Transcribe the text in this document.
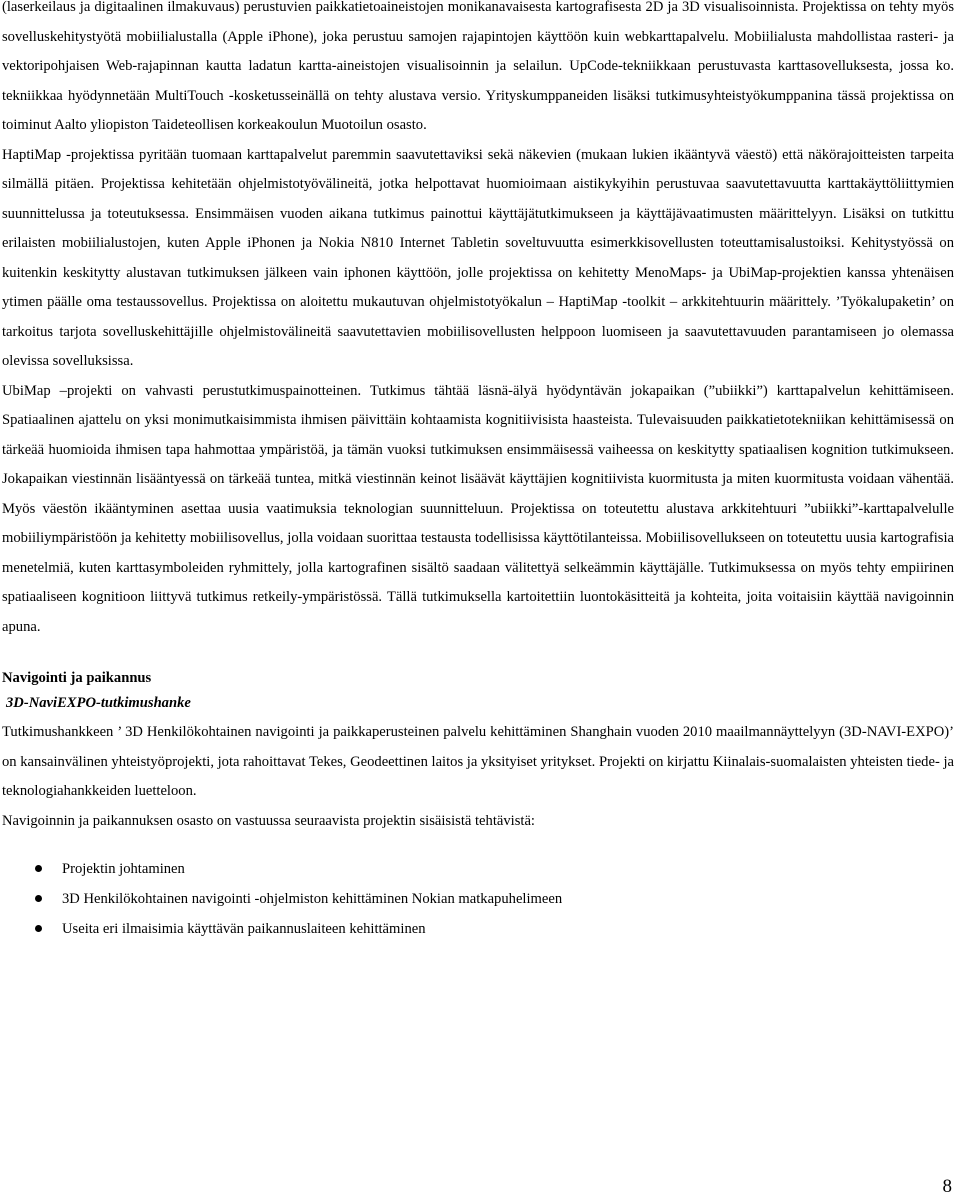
(laserkeilaus ja digitaalinen ilmakuvaus) perustuvien paikkatietoaineistojen monikanavaisesta kartografisesta 2D ja 3D visualisoinnista. Projektissa on tehty myös sovelluskehitystyötä mobiilialustalla (Apple iPhone), joka perustuu samojen rajapintojen käyttöön kuin webkarttapalvelu. Mobiilialusta mahdollistaa rasteri- ja vektoripohjaisen Web-rajapinnan kautta ladatun kartta-aineistojen visualisoinnin ja selailun. UpCode-tekniikkaan perustuvasta karttasovelluksesta, jossa ko. tekniikkaa hyödynnetään MultiTouch -kosketusseinällä on tehty alustava versio. Yrityskumppaneiden lisäksi tutkimusyhteistyökumppanina tässä projektissa on toiminut Aalto yliopiston Taideteollisen korkeakoulun Muotoilun osasto.

HaptiMap -projektissa pyritään tuomaan karttapalvelut paremmin saavutettaviksi sekä näkevien (mukaan lukien ikääntyvä väestö) että näkörajoitteisten tarpeita silmällä pitäen. Projektissa kehitetään ohjelmistotyövälineitä, jotka helpottavat huomioimaan aistikykyihin perustuvaa saavutettavuutta karttakäyttöliittymien suunnittelussa ja toteutuksessa. Ensimmäisen vuoden aikana tutkimus painottui käyttäjätutkimukseen ja käyttäjävaatimusten määrittelyyn. Lisäksi on tutkittu erilaisten mobiilialustojen, kuten Apple iPhonen ja Nokia N810 Internet Tabletin soveltuvuutta esimerkkisovellusten toteuttamisalustoiksi. Kehitystyössä on kuitenkin keskitytty alustavan tutkimuksen jälkeen vain iphonen käyttöön, jolle projektissa on kehitetty MenoMaps- ja UbiMap-projektien kanssa yhtenäisen ytimen päälle oma testaussovellus. Projektissa on aloitettu mukautuvan ohjelmistotyökalun – HaptiMap -toolkit – arkkitehtuurin määrittely. ’Työkalupaketin’ on tarkoitus tarjota sovelluskehittäjille ohjelmistovälineitä saavutettavien mobiilisovellusten helppoon luomiseen ja saavutettavuuden parantamiseen jo olemassa olevissa sovelluksissa.

UbiMap –projekti on vahvasti perustutkimuspainotteinen. Tutkimus tähtää läsnä-älyä hyödyntävän jokapaikan (”ubiikki”) karttapalvelun kehittämiseen. Spatiaalinen ajattelu on yksi monimutkaisimmista ihmisen päivittäin kohtaamista kognitiivisista haasteista. Tulevaisuuden paikkatietotekniikan kehittämisessä on tärkeää huomioida ihmisen tapa hahmottaa ympäristöä, ja tämän vuoksi tutkimuksen ensimmäisessä vaiheessa on keskitytty spatiaalisen kognition tutkimukseen. Jokapaikan viestinnän lisääntyessä on tärkeää tuntea, mitkä viestinnän keinot lisäävät käyttäjien kognitiivista kuormitusta ja miten kuormitusta voidaan vähentää. Myös väestön ikääntyminen asettaa uusia vaatimuksia teknologian suunnitteluun. Projektissa on toteutettu alustava arkkitehtuuri ”ubiikki”-karttapalvelulle mobiiliympäristöön ja kehitetty mobiilisovellus, jolla voidaan suorittaa testausta todellisissa käyttötilanteissa. Mobiilisovellukseen on toteutettu uusia kartografisia menetelmiä, kuten karttasymboleiden ryhmittely, jolla kartografinen sisältö saadaan välitettyä selkeämmin käyttäjälle. Tutkimuksessa on myös tehty empiirinen spatiaaliseen kognitioon liittyvä tutkimus retkeily-ympäristössä. Tällä tutkimuksella kartoitettiin luontokäsitteitä ja kohteita, joita voitaisiin käyttää navigoinnin apuna.

Navigointi ja paikannus
3D-NaviEXPO-tutkimushanke

Tutkimushankkeen ’ 3D Henkilökohtainen navigointi ja paikkaperusteinen palvelu kehittäminen Shanghain vuoden 2010 maailmannäyttelyyn (3D-NAVI-EXPO)’ on kansainvälinen yhteistyöprojekti, jota rahoittavat Tekes, Geodeettinen laitos ja yksityiset yritykset. Projekti on kirjattu Kiinalais-suomalaisten yhteisten tiede- ja teknologiahankkeiden luetteloon.

Navigoinnin ja paikannuksen osasto on vastuussa seuraavista projektin sisäisistä tehtävistä:

Projektin johtaminen
3D Henkilökohtainen navigointi -ohjelmiston kehittäminen Nokian matkapuhelimeen
Useita eri ilmaisimia käyttävän paikannuslaiteen kehittäminen
8
